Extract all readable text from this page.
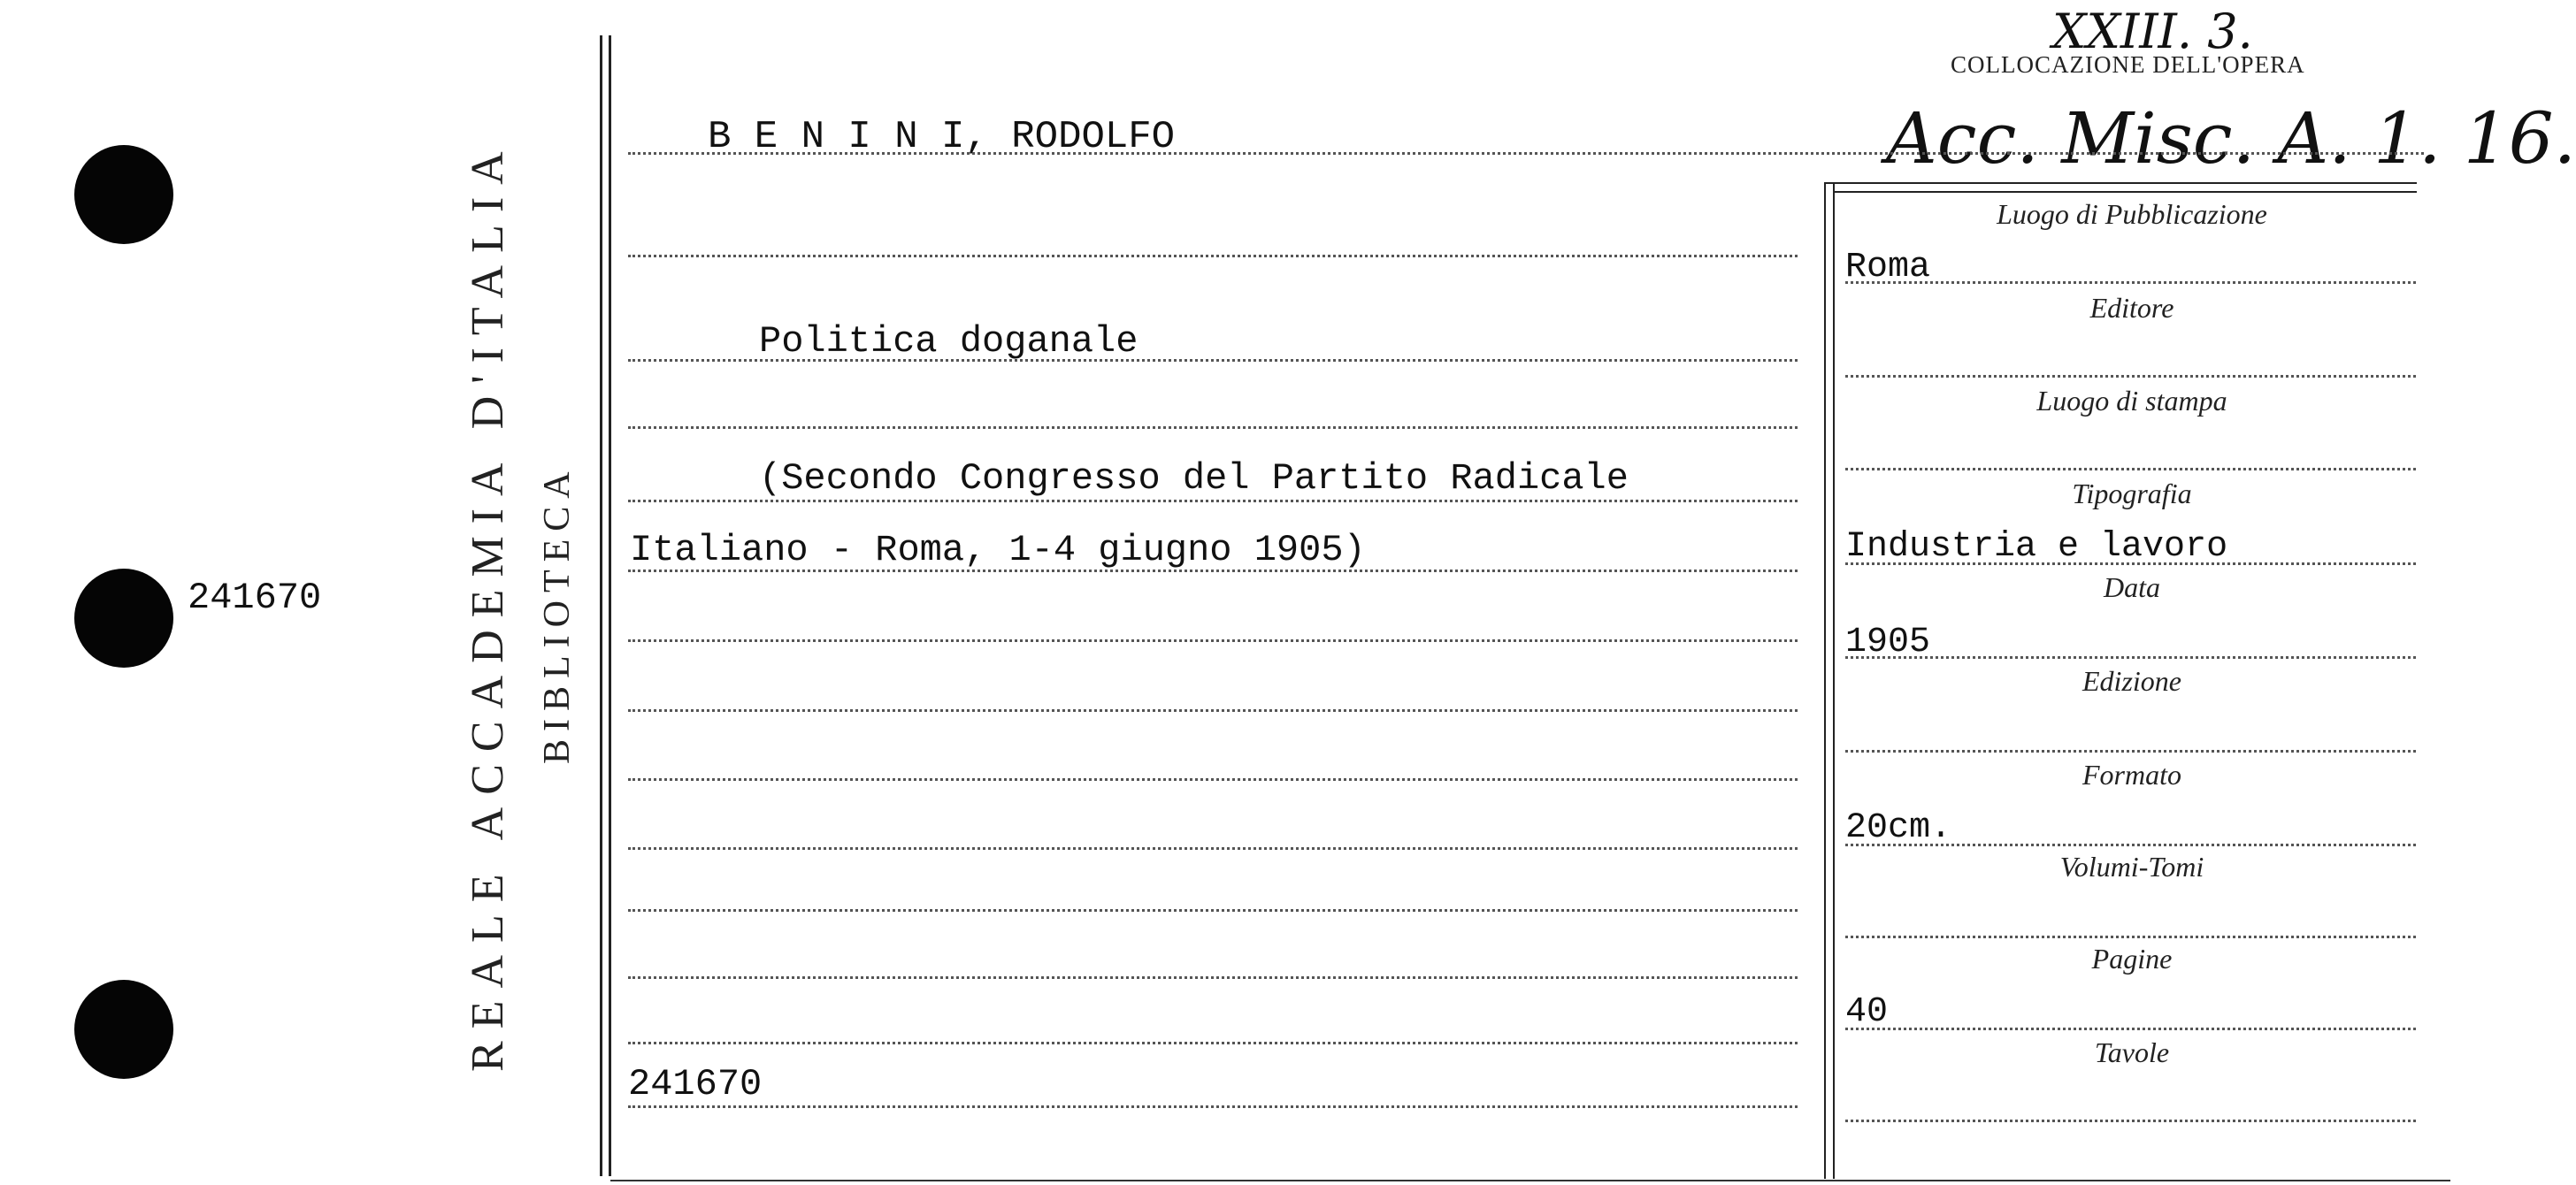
241670	REALE ACCADEMIA D'ITALIA BIBLIOTECA
XXIII. 3.
COLLOCAZIONE DELL'OPERA
Acc. Misc. A. 1. 16.
B E N I N I, RODOLFO
Politica doganale
(Secondo Congresso del Partito Radicale
Italiano - Roma, 1-4 giugno 1905)
241670
Luogo di Pubblicazione
Roma
Editore
Luogo di stampa
Tipografia
Industria e lavoro
Data
1905
Edizione
Formato
20cm.
Volumi-Tomi
Pagine
40
Tavole
